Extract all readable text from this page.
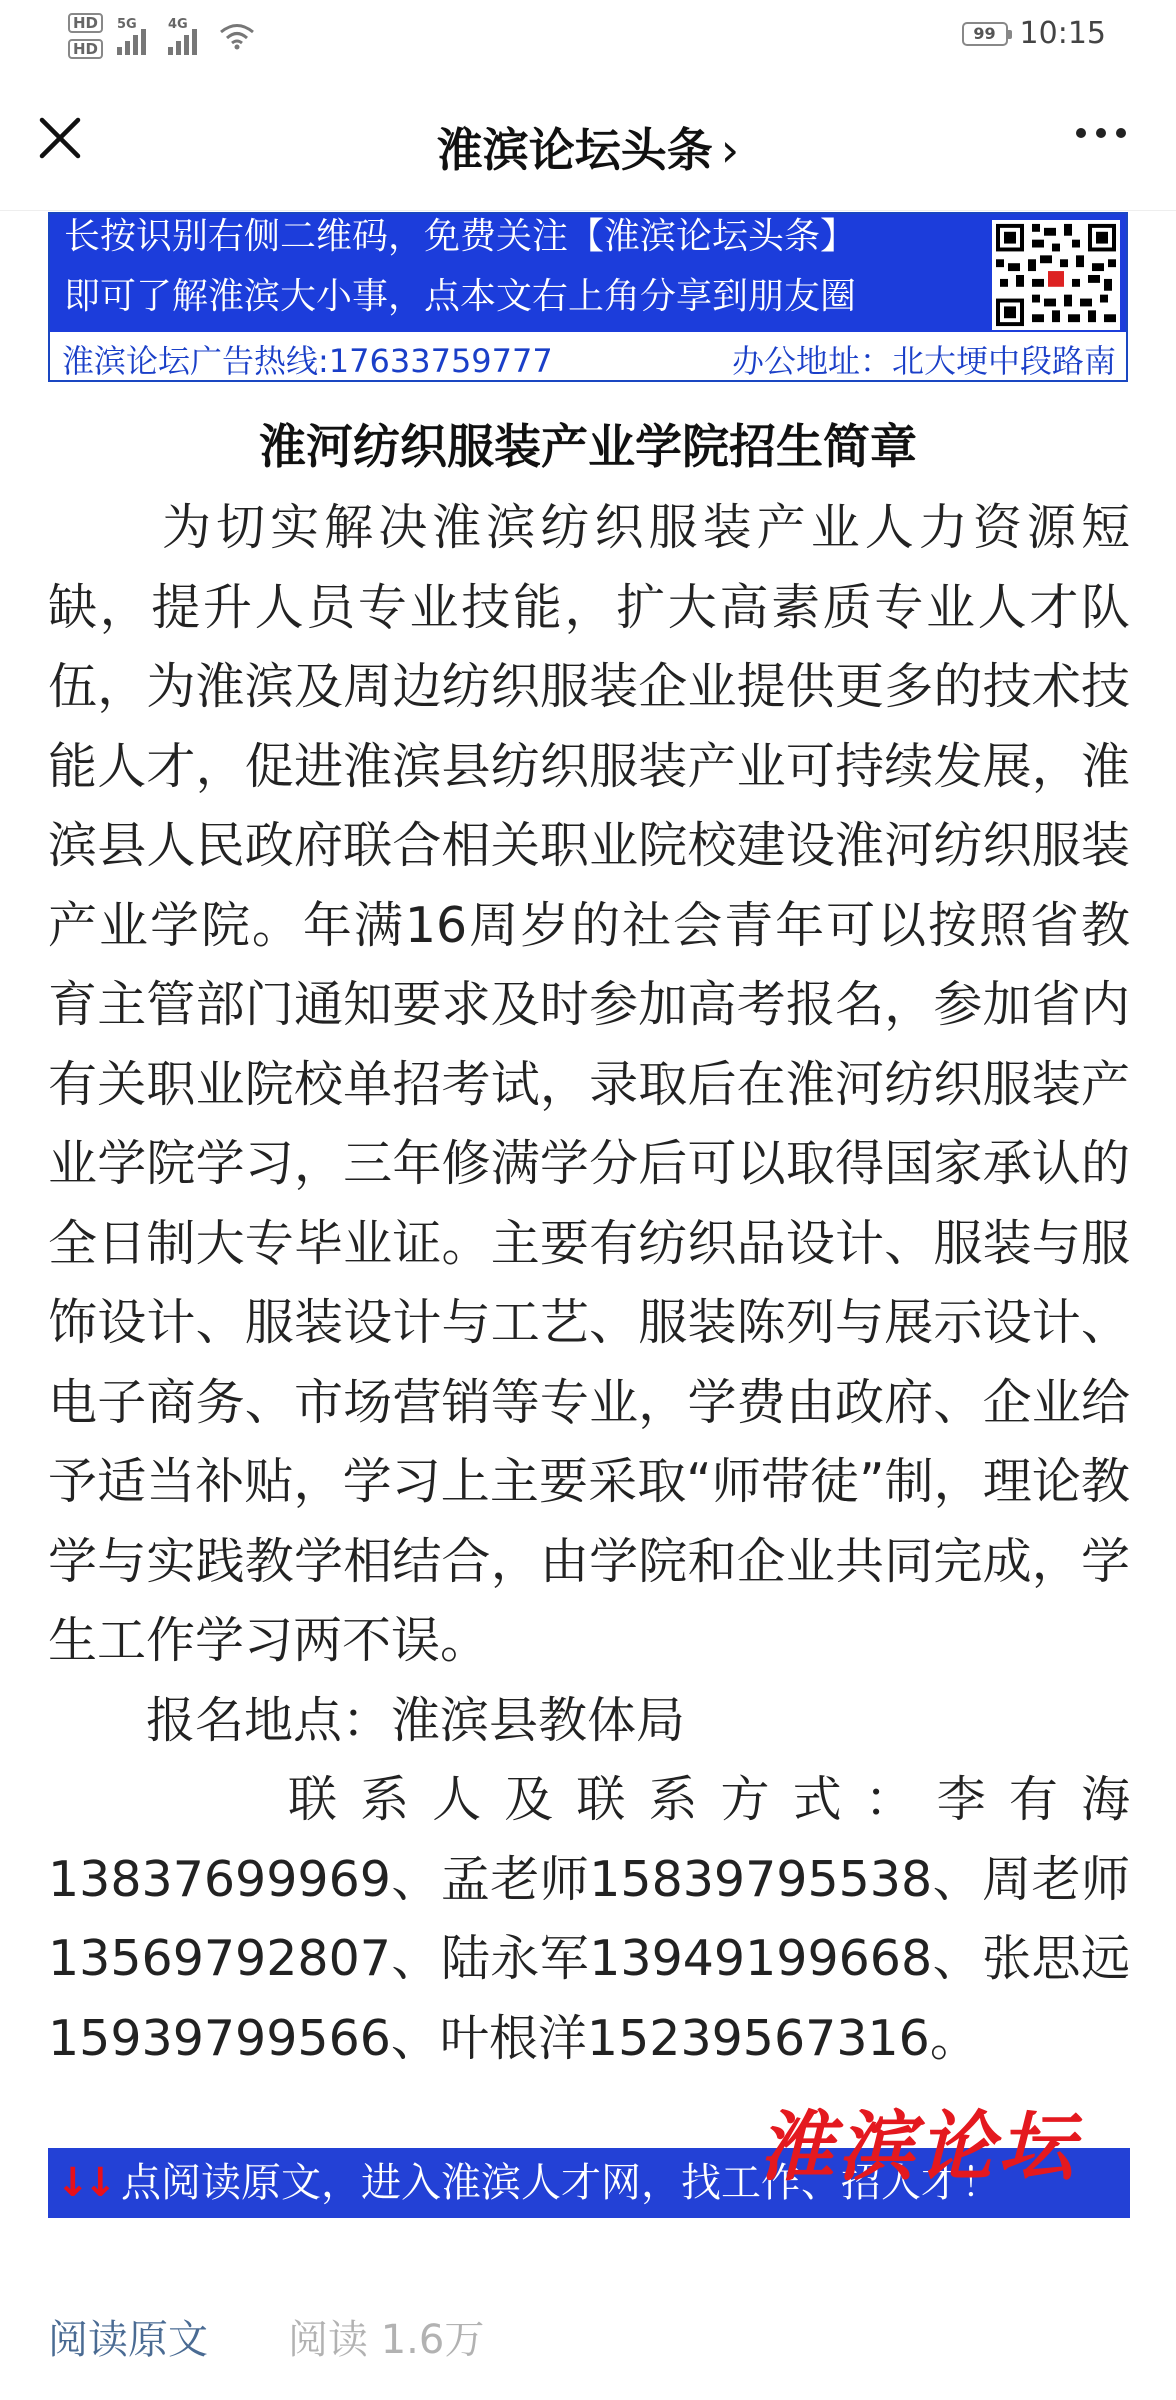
HD
HD
5G 4G	99 10:15
淮滨论坛头条 ›
长按识别右侧二维码，免费关注【淮滨论坛头条】
即可了解淮滨大小事，点本文右上角分享到朋友圈
淮滨论坛广告热线:17633759777	办公地址：北大埂中段路南
淮河纺织服装产业学院招生简章

为切实解决淮滨纺织服装产业人力资源短缺，提升人员专业技能，扩大高素质专业人才队伍，为淮滨及周边纺织服装企业提供更多的技术技能人才，促进淮滨县纺织服装产业可持续发展，淮滨县人民政府联合相关职业院校建设淮河纺织服装产业学院。年满16周岁的社会青年可以按照省教育主管部门通知要求及时参加高考报名，参加省内有关职业院校单招考试，录取后在淮河纺织服装产业学院学习，三年修满学分后可以取得国家承认的全日制大专毕业证。主要有纺织品设计、服装与服饰设计、服装设计与工艺、服装陈列与展示设计、电子商务、市场营销等专业，学费由政府、企业给予适当补贴，学习上主要采取“师带徒”制，理论教学与实践教学相结合，由学院和企业共同完成，学生工作学习两不误。

报名地点：淮滨县教体局

联系人及联系方式：李有海13837699969、孟老师15839795538、周老师13569792807、陆永军13949199668、张思远15939799566、叶根洋15239567316。

↓↓ 点阅读原文，进入淮滨人才网，找工作、招人才！
淮滨论坛
阅读原文 阅读 1.6万
